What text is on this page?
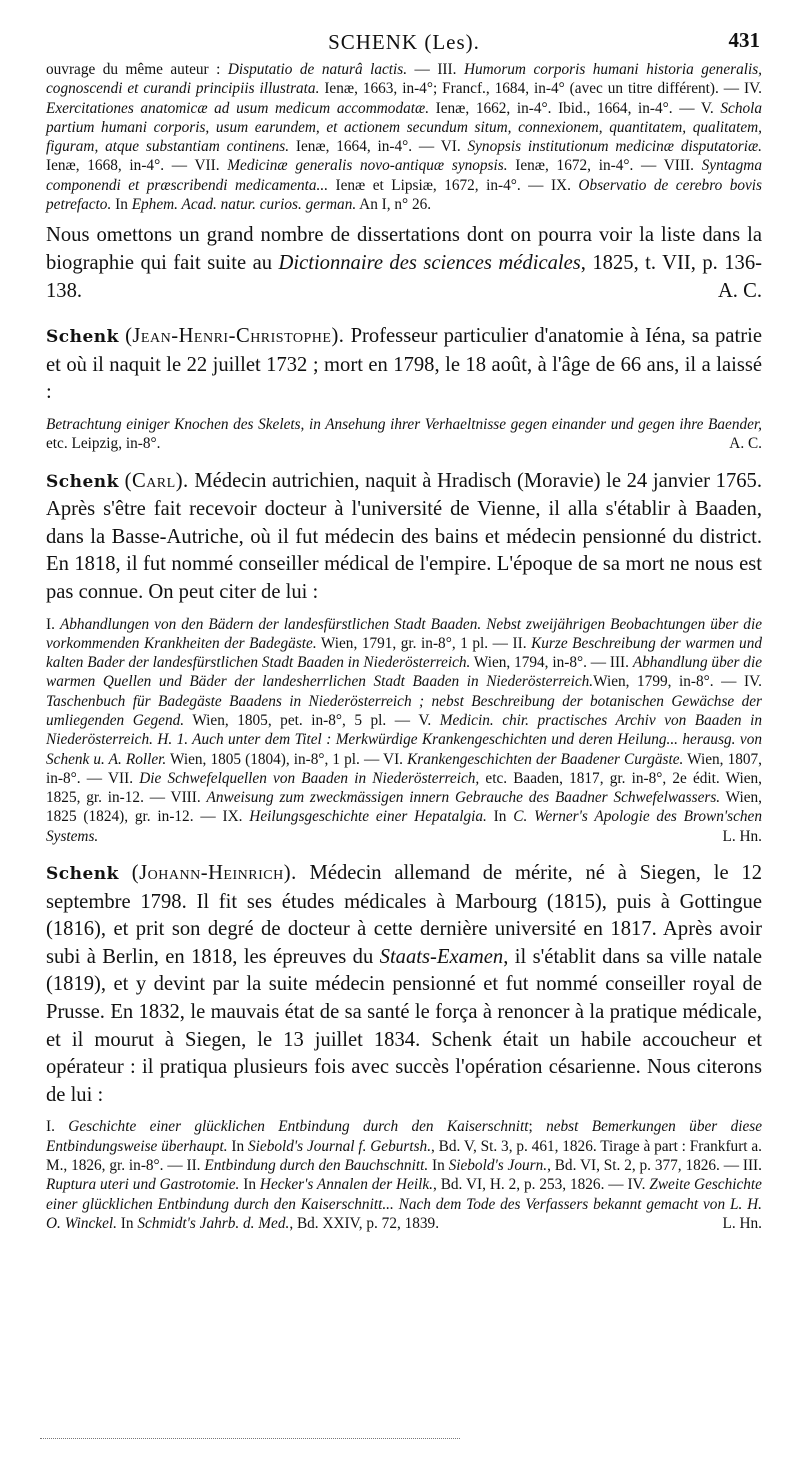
SCHENK (Les).	431

ouvrage du même auteur : Disputatio de naturâ lactis. — III. Humorum corporis humani historia generalis, cognoscendi et curandi principiis illustrata. Ienæ, 1663, in-4°; Francf., 1684, in-4° (avec un titre différent). — IV. Exercitationes anatomicæ ad usum medicum accommodatæ. Ienæ, 1662, in-4°. Ibid., 1664, in-4°. — V. Schola partium humani corporis, usum earundem, et actionem secundum situm, connexionem, quantitatem, qualitatem, figuram, atque substantiam continens. Ienæ, 1664, in-4°. — VI. Synopsis institutionum medicinæ disputatoriæ. Ienæ, 1668, in-4°. — VII. Medicinæ generalis novo-antiquæ synopsis. Ienæ, 1672, in-4°. — VIII. Syntagma componendi et præscribendi medicamenta... Ienæ et Lipsiæ, 1672, in-4°. — IX. Observatio de cerebro bovis petrefacto. In Ephem. Acad. natur. curios. german. An I, n° 26.

Nous omettons un grand nombre de dissertations dont on pourra voir la liste dans la biographie qui fait suite au Dictionnaire des sciences médicales, 1825, t. VII, p. 136-138.	A. C.

Schenk (Jean-Henri-Christophe). Professeur particulier d'anatomie à Iéna, sa patrie et où il naquit le 22 juillet 1732 ; mort en 1798, le 18 août, à l'âge de 66 ans, il a laissé :

Betrachtung einiger Knochen des Skelets, in Ansehung ihrer Verhaeltnisse gegen einander und gegen ihre Baender, etc. Leipzig, in-8°.	A. C.

Schenk (Carl). Médecin autrichien, naquit à Hradisch (Moravie) le 24 janvier 1765. Après s'être fait recevoir docteur à l'université de Vienne, il alla s'établir à Baaden, dans la Basse-Autriche, où il fut médecin des bains et médecin pensionné du district. En 1818, il fut nommé conseiller médical de l'empire. L'époque de sa mort ne nous est pas connue. On peut citer de lui :

I. Abhandlungen von den Bädern der landesfürstlichen Stadt Baaden. Nebst zweijährigen Beobachtungen über die vorkommenden Krankheiten der Badegäste. Wien, 1791, gr. in-8°, 1 pl. — II. Kurze Beschreibung der warmen und kalten Bader der landesfürstlichen Stadt Baaden in Niederösterreich. Wien, 1794, in-8°. — III. Abhandlung über die warmen Quellen und Bäder der landesherrlichen Stadt Baaden in Niederösterreich.Wien, 1799, in-8°. — IV. Taschenbuch für Badegäste Baadens in Niederösterreich ; nebst Beschreibung der botanischen Gewächse der umliegenden Gegend. Wien, 1805, pet. in-8°, 5 pl. — V. Medicin. chir. practisches Archiv von Baaden in Niederösterreich. H. 1. Auch unter dem Titel : Merkwürdige Krankengeschichten und deren Heilung... herausg. von Schenk u. A. Roller. Wien, 1805 (1804), in-8°, 1 pl. — VI. Krankengeschichten der Baadener Curgäste. Wien, 1807, in-8°. — VII. Die Schwefelquellen von Baaden in Niederösterreich, etc. Baaden, 1817, gr. in-8°, 2e édit. Wien, 1825, gr. in-12. — VIII. Anweisung zum zweckmässigen innern Gebrauche des Baadner Schwefelwassers. Wien, 1825 (1824), gr. in-12. — IX. Heilungsgeschichte einer Hepatalgia. In C. Werner's Apologie des Brown'schen Systems.	L. Hn.

Schenk (Johann-Heinrich). Médecin allemand de mérite, né à Siegen, le 12 septembre 1798. Il fit ses études médicales à Marbourg (1815), puis à Gottingue (1816), et prit son degré de docteur à cette dernière université en 1817. Après avoir subi à Berlin, en 1818, les épreuves du Staats-Examen, il s'établit dans sa ville natale (1819), et y devint par la suite médecin pensionné et fut nommé conseiller royal de Prusse. En 1832, le mauvais état de sa santé le força à renoncer à la pratique médicale, et il mourut à Siegen, le 13 juillet 1834. Schenk était un habile accoucheur et opérateur : il pratiqua plusieurs fois avec succès l'opération césarienne. Nous citerons de lui :

I. Geschichte einer glücklichen Entbindung durch den Kaiserschnitt; nebst Bemerkungen über diese Entbindungsweise überhaupt. In Siebold's Journal f. Geburtsh., Bd. V, St. 3, p. 461, 1826. Tirage à part : Frankfurt a. M., 1826, gr. in-8°. — II. Entbindung durch den Bauchschnitt. In Siebold's Journ., Bd. VI, St. 2, p. 377, 1826. — III. Ruptura uteri und Gastrotomie. In Hecker's Annalen der Heilk., Bd. VI, H. 2, p. 253, 1826. — IV. Zweite Geschichte einer glücklichen Entbindung durch den Kaiserschnitt... Nach dem Tode des Verfassers bekannt gemacht von L. H. O. Winckel. In Schmidt's Jahrb. d. Med., Bd. XXIV, p. 72, 1839.	L. Hn.
